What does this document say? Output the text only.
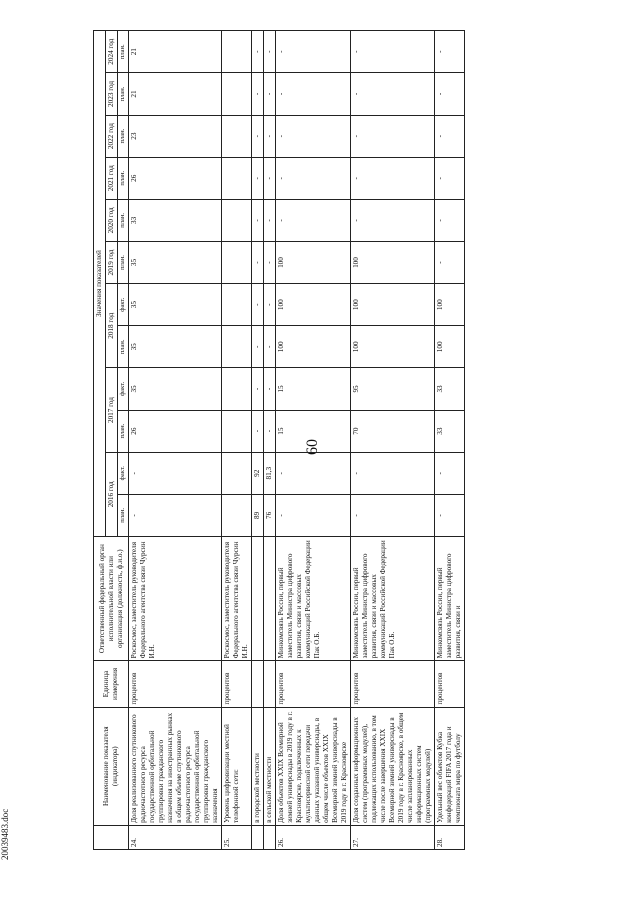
60
20039483.doc
	Наименование показателя (индикатора)	Единица измерения	Ответственный федеральный орган исполнительной власти или организация (должность, ф.и.о.)	Значения показателей											
				2016 год		2017 год		2018 год		2019 год	2020 год	2021 год	2022 год	2023 год	2024 год
				план.	факт.	план.	факт.	план.	факт.	план.	план.	план.	план.	план.	план.
24.	Доля реализованного спутникового радиочастотного ресурса государственной орбитальной группировки гражданского назначения на иностранных рынках в общем объеме спутникового радиочастотного ресурса государственной орбитальной группировки гражданского назначения	процентов	Роскосмос, заместитель руководителя Федерального агентства связи Чурсин И.Н.	-	-	26	35	35	35	35	33	26	23	21	21
25.	Уровень цифровизации местной телефонной сети:	процентов	Роскосмос, заместитель руководителя Федерального агентства связи Чурсин И.Н.												
	в городской местности			89	92	-	-	-	-	-	-	-	-	-	-
	в сельской местности			76	81,3	-	-	-	-	-	-	-	-	-	-
26.	Доля объектов XXIX Всемирной зимней универсиады в 2019 году в г. Красноярске, подключенных к мультисервисной сети передачи данных указанной универсиады, в общем числе объектов XXIX Всемирной зимней универсиады в 2019 году в г. Красноярске	процентов	Минкомсвязь России, первый заместитель Министра цифрового развития, связи и массовых коммуникаций Российской Федерации Пак О.Б.	-	-	15	15	100	100	100	-	-	-	-	-
27.	Доля созданных информационных систем (программных модулей), подлежащих использованию, в том числе после завершения XXIX Всемирной зимней универсиады в 2019 году в г. Красноярске, в общем числе запланированных информационных систем (программных модулей)	процентов	Минкомсвязь России, первый заместитель Министра цифрового развития, связи и массовых коммуникаций Российской Федерации Пак О.Б.	-	-	70	95	100	100	100	-	-	-	-	-
28.	Удельный вес объектов Кубка конфедераций FIFA 2017 года и чемпионата мира по футболу	процентов	Минкомсвязь России, первый заместитель Министра цифрового развития, связи и	-	-	33	33	100	100	-	-	-	-	-	-
